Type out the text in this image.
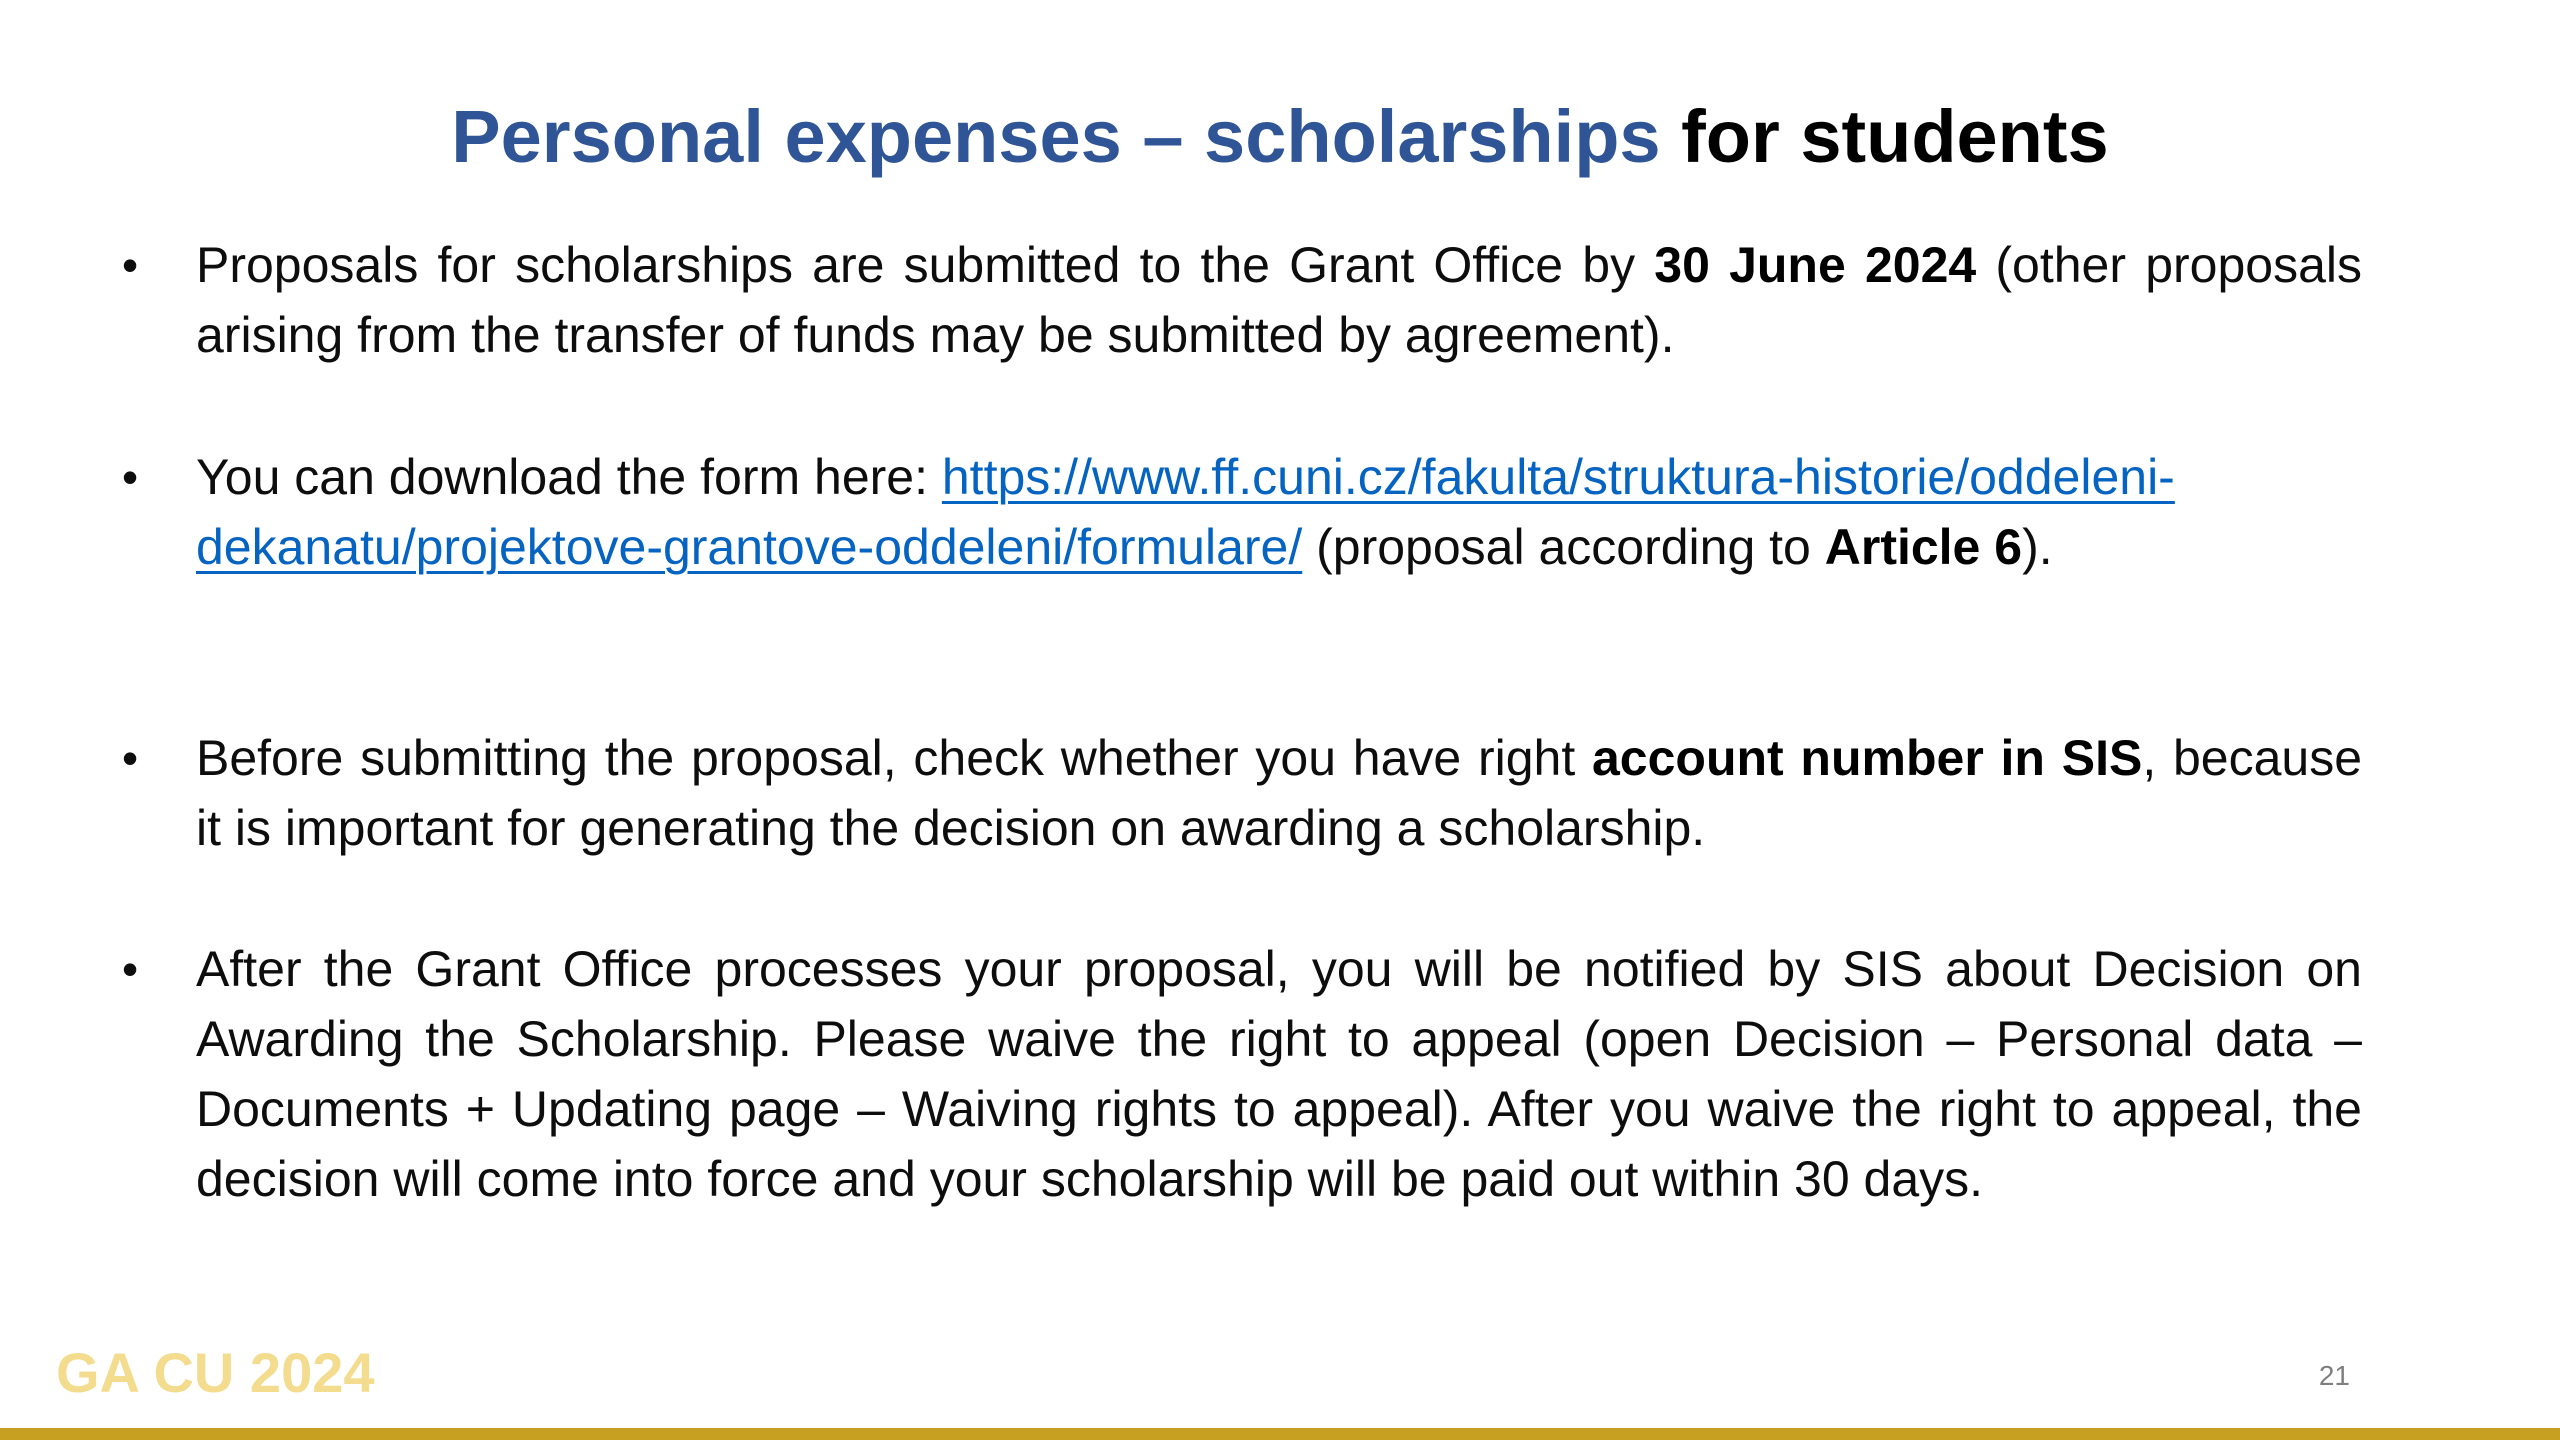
Personal expenses – scholarships for students
• Proposals for scholarships are submitted to the Grant Office by 30 June 2024 (other proposals arising from the transfer of funds may be submitted by agreement).
• You can download the form here: https://www.ff.cuni.cz/fakulta/struktura-historie/oddeleni-dekanatu/projektove-grantove-oddeleni/formulare/ (proposal according to Article 6).
• Before submitting the proposal, check whether you have right account number in SIS, because it is important for generating the decision on awarding a scholarship.
• After the Grant Office processes your proposal, you will be notified by SIS about Decision on Awarding the Scholarship. Please waive the right to appeal (open Decision – Personal data – Documents + Updating page – Waiving rights to appeal). After you waive the right to appeal, the decision will come into force and your scholarship will be paid out within 30 days.
GA CU 2024	21
